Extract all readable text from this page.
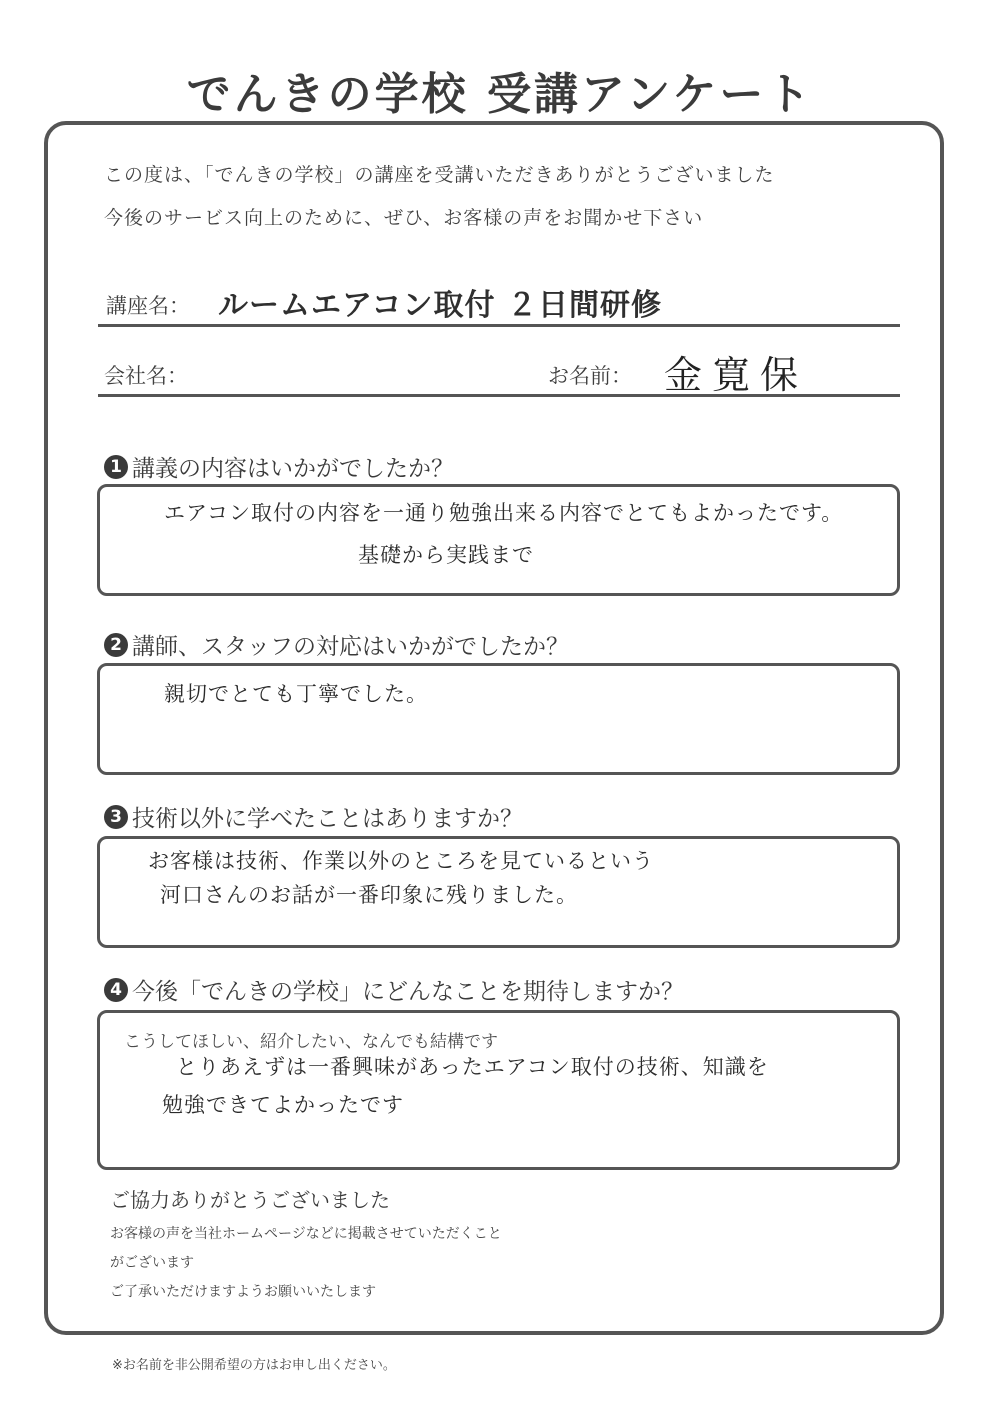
でんきの学校 受講アンケート
この度は、「でんきの学校」の講座を受講いただきありがとうございました
今後のサービス向上のために、ぜひ、お客様の声をお聞かせ下さい
講座名： ルームエアコン取付 ２日間研修
会社名：	お名前： 金寛保
1 講義の内容はいかがでしたか？
エアコン取付の内容を一通り勉強出来る内容でとてもよかったです。
基礎から実践まで
2 講師、スタッフの対応はいかがでしたか？
親切でとても丁寧でした。
3 技術以外に学べたことはありますか？
お客様は技術、作業以外のところを見ているという
河口さんのお話が一番印象に残りました。
4 今後「でんきの学校」にどんなことを期待しますか？
こうしてほしい、紹介したい、なんでも結構です
とりあえずは一番興味があったエアコン取付の技術、知識を
勉強できてよかったです
ご協力ありがとうございました
お客様の声を当社ホームページなどに掲載させていただくこと
がございます
ご了承いただけますようお願いいたします
※お名前を非公開希望の方はお申し出ください。
